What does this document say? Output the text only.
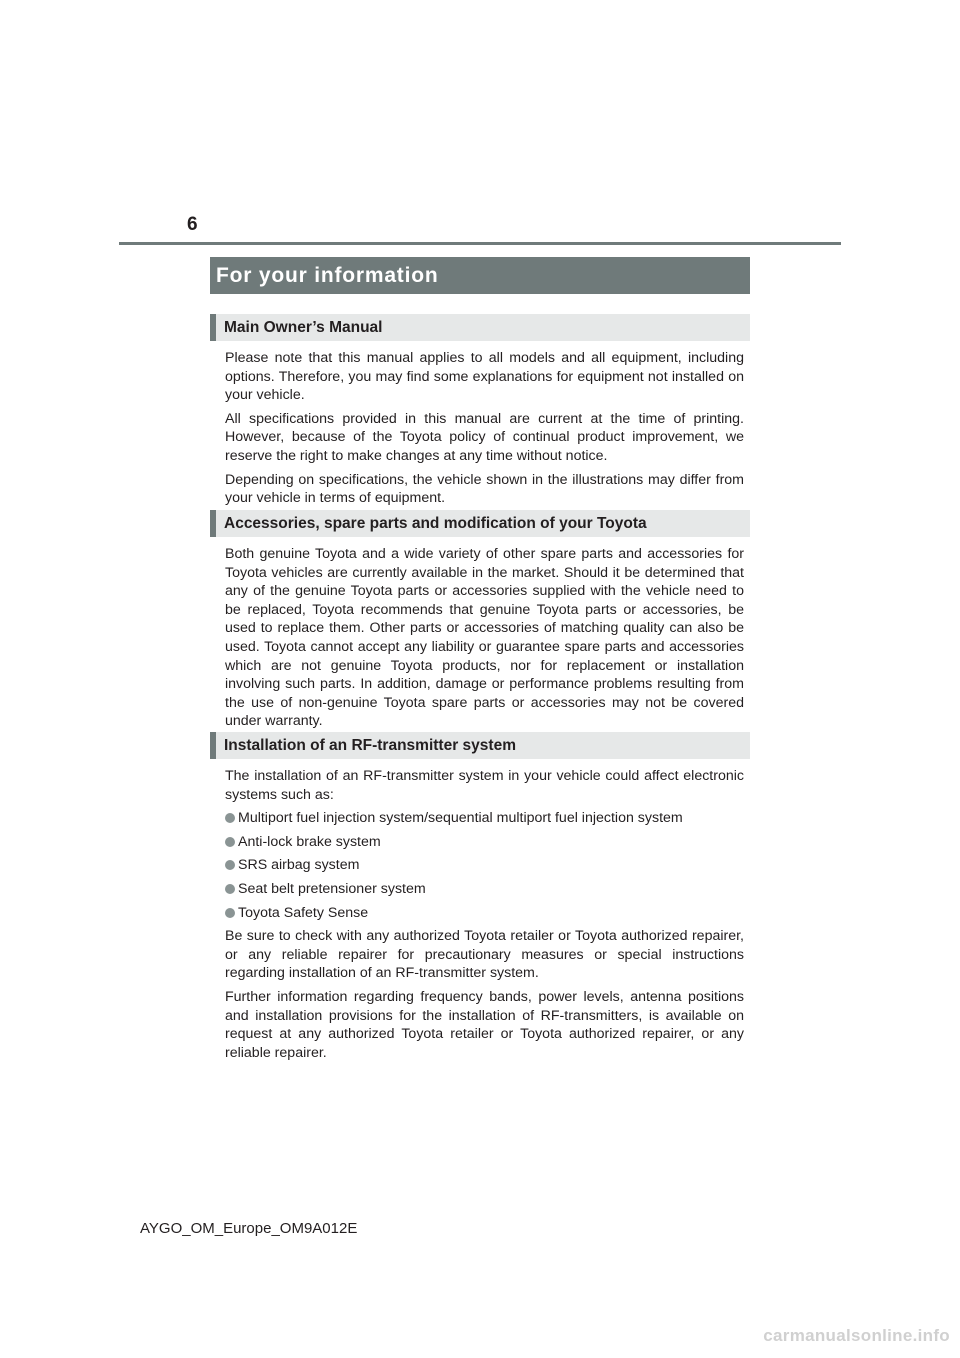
6
For your information
Main Owner’s Manual

Please note that this manual applies to all models and all equipment, including options. Therefore, you may find some explanations for equipment not installed on your vehicle.

All specifications provided in this manual are current at the time of printing. However, because of the Toyota policy of continual product improvement, we reserve the right to make changes at any time without notice.

Depending on specifications, the vehicle shown in the illustrations may differ from your vehicle in terms of equipment.

Accessories, spare parts and modification of your Toyota

Both genuine Toyota and a wide variety of other spare parts and accessories for Toyota vehicles are currently available in the market. Should it be determined that any of the genuine Toyota parts or accessories supplied with the vehicle need to be replaced, Toyota recommends that genuine Toyota parts or accessories, be used to replace them. Other parts or accessories of matching quality can also be used. Toyota cannot accept any liability or guarantee spare parts and accessories which are not genuine Toyota products, nor for replacement or installation involving such parts. In addition, damage or performance problems resulting from the use of non-genuine Toyota spare parts or accessories may not be covered under warranty.

Installation of an RF-transmitter system

The installation of an RF-transmitter system in your vehicle could affect electronic systems such as:

Multiport fuel injection system/sequential multiport fuel injection system
Anti-lock brake system
SRS airbag system
Seat belt pretensioner system
Toyota Safety Sense

Be sure to check with any authorized Toyota retailer or Toyota authorized repairer, or any reliable repairer for precautionary measures or special instructions regarding installation of an RF-transmitter system.

Further information regarding frequency bands, power levels, antenna positions and installation provisions for the installation of RF-transmitters, is available on request at any authorized Toyota retailer or Toyota authorized repairer, or any reliable repairer.

AYGO_OM_Europe_OM9A012E
carmanualsonline.info
